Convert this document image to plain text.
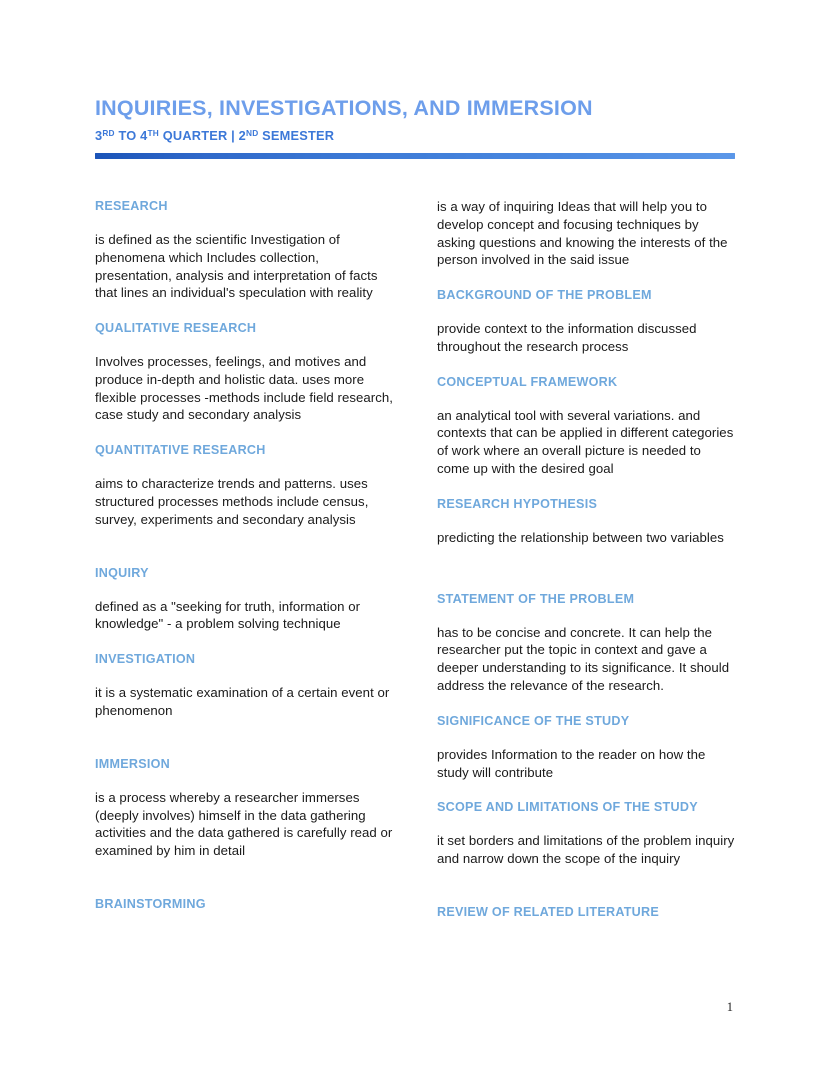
INQUIRIES, INVESTIGATIONS, AND IMMERSION
3RD TO 4TH QUARTER | 2ND SEMESTER
RESEARCH
is defined as the scientific Investigation of phenomena which Includes collection, presentation, analysis and interpretation of facts that lines an individual's speculation with reality
QUALITATIVE RESEARCH
Involves processes, feelings, and motives and produce in-depth and holistic data. uses more flexible processes -methods include field research, case study and secondary analysis
QUANTITATIVE RESEARCH
aims to characterize trends and patterns. uses structured processes methods include census, survey, experiments and secondary analysis
INQUIRY
defined as a "seeking for truth, information or knowledge" - a problem solving technique
INVESTIGATION
it is a systematic examination of a certain event or phenomenon
IMMERSION
is a process whereby a researcher immerses (deeply involves) himself in the data gathering activities and the data gathered is carefully read or examined by him in detail
BRAINSTORMING
is a way of inquiring Ideas that will help you to develop concept and focusing techniques by asking questions and knowing the interests of the person involved in the said issue
BACKGROUND OF THE PROBLEM
provide context to the information discussed throughout the research process
CONCEPTUAL FRAMEWORK
an analytical tool with several variations. and contexts that can be applied in different categories of work where an overall picture is needed to come up with the desired goal
RESEARCH HYPOTHESIS
predicting the relationship between two variables
STATEMENT OF THE PROBLEM
has to be concise and concrete. It can help the researcher put the topic in context and gave a deeper understanding to its significance. It should address the relevance of the research.
SIGNIFICANCE OF THE STUDY
provides Information to the reader on how the study will contribute
SCOPE AND LIMITATIONS OF THE STUDY
it set borders and limitations of the problem inquiry and narrow down the scope of the inquiry
REVIEW OF RELATED LITERATURE
1
